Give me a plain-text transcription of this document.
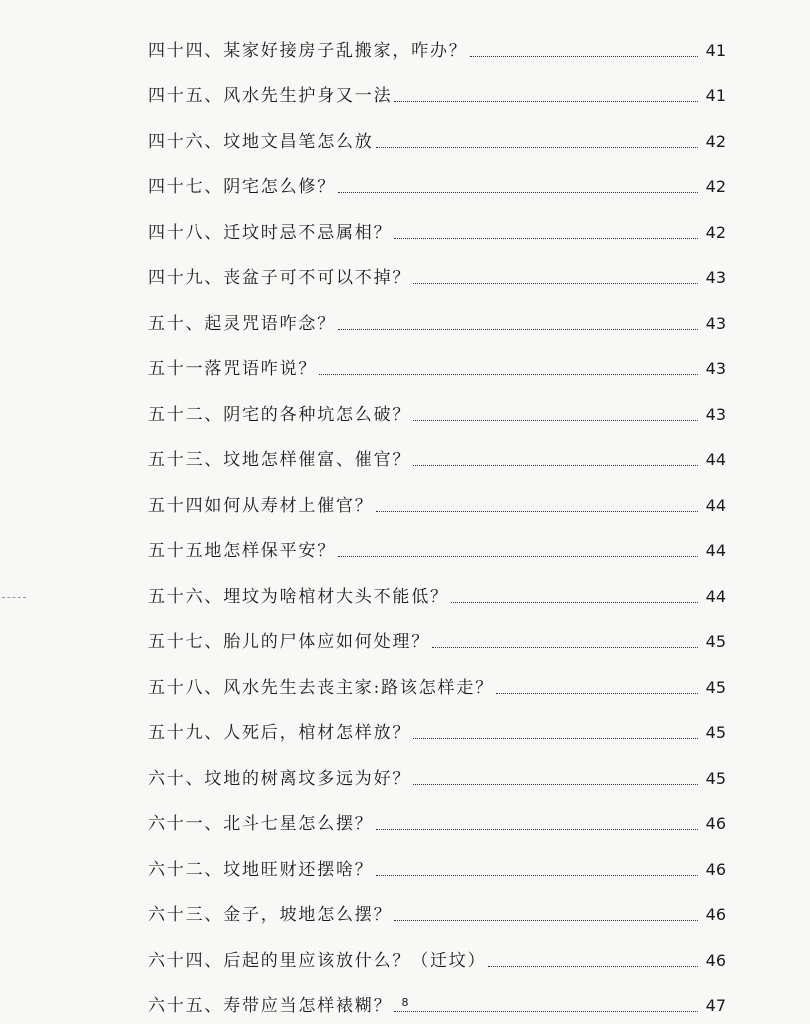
四十四、某家好接房子乱搬家，咋办？	41
四十五、风水先生护身又一法	41
四十六、坟地文昌笔怎么放	42
四十七、阴宅怎么修？	42
四十八、迁坟时忌不忌属相？	42
四十九、丧盆子可不可以不掉？	43
五十、起灵咒语咋念？	43
五十一落咒语咋说？	43
五十二、阴宅的各种坑怎么破？	43
五十三、坟地怎样催富、催官？	44
五十四如何从寿材上催官？	44
五十五地怎样保平安？	44
五十六、埋坟为啥棺材大头不能低？	44
五十七、胎儿的尸体应如何处理？	45
五十八、风水先生去丧主家:路该怎样走？	45
五十九、人死后，棺材怎样放？	45
六十、坟地的树离坟多远为好？	45
六十一、北斗七星怎么摆？	46
六十二、坟地旺财还摆啥？	46
六十三、金子，坡地怎么摆？	46
六十四、后起的里应该放什么？（迁坟）	46
六十五、寿带应当怎样裱糊？	47
8
